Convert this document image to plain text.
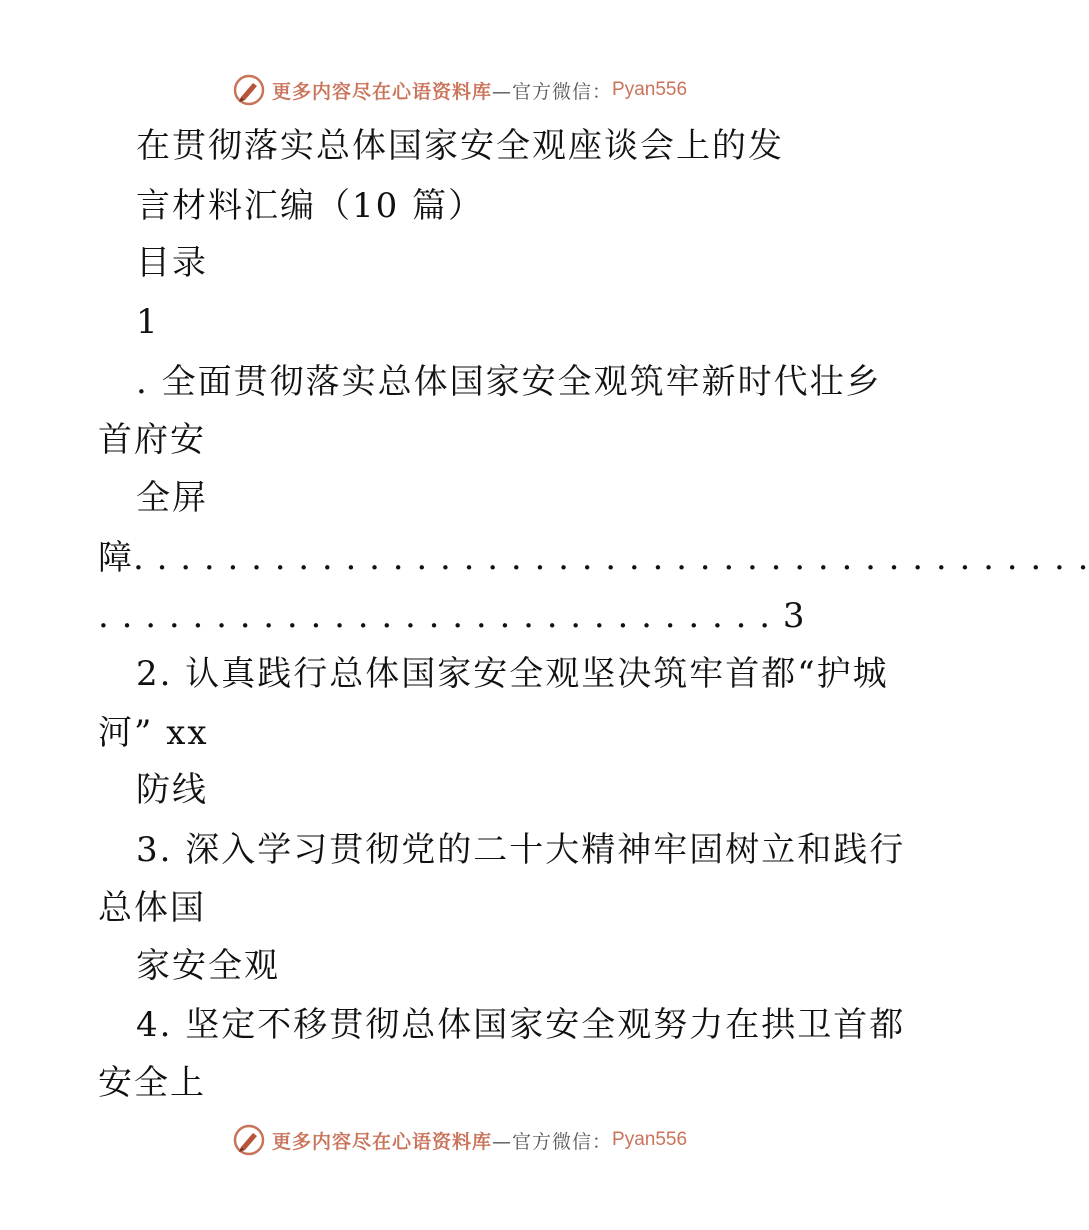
更多内容尽在心语资料库 —官方微信： Pyan556
在贯彻落实总体国家安全观座谈会上的发
言材料汇编（10 篇）
目录
1
. 全面贯彻落实总体国家安全观筑牢新时代壮乡
首府安
全屏
障. . . . . . . . . . . . . . . . . . . . . . . . . . . . . . . . . . . . . . . . .
. . . . . . . . . . . . . . . . . . . . . . . . . . . . . 3
2. 认真践行总体国家安全观坚决筑牢首都“护城
河” xx
防线
3. 深入学习贯彻党的二十大精神牢固树立和践行
总体国
家安全观
4. 坚定不移贯彻总体国家安全观努力在拱卫首都
安全上
更多内容尽在心语资料库 —官方微信： Pyan556
